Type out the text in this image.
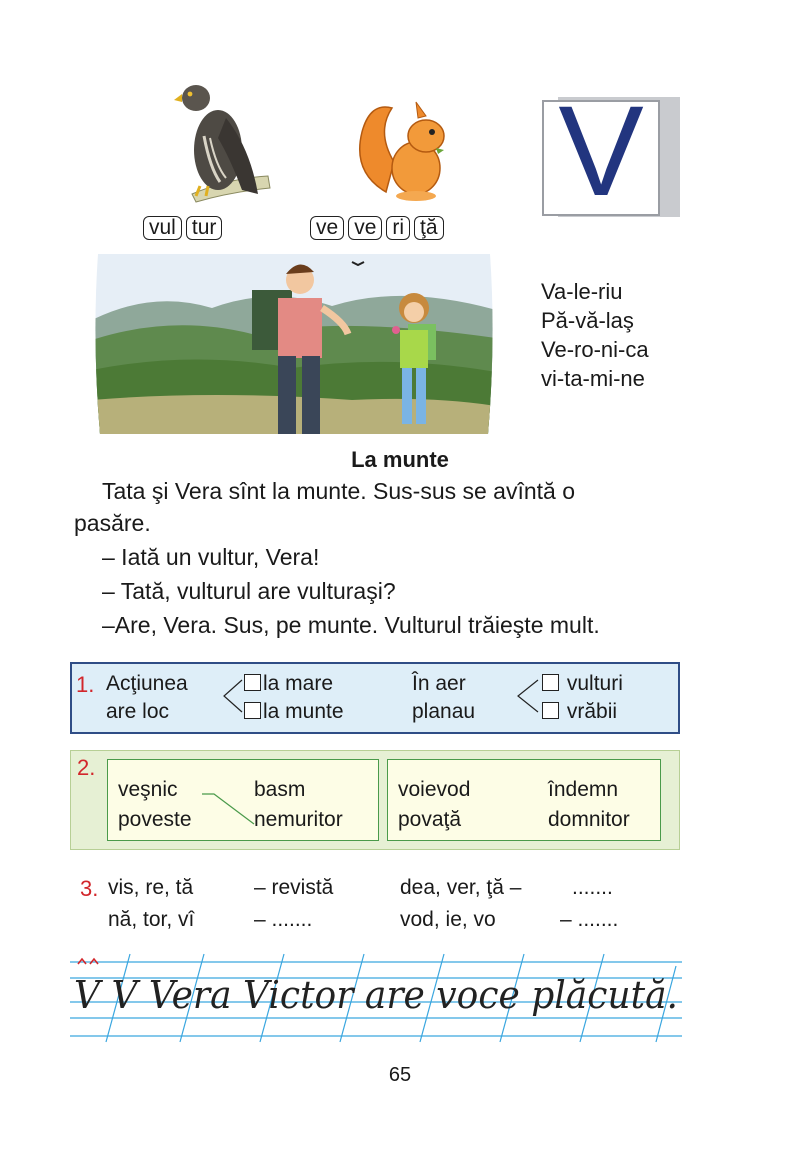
vul tur	ve ve ri ţă
V
Va-le-riu
Pă-vă-laş
Ve-ro-ni-ca
vi-ta-mi-ne
La munte
Tata şi Vera sînt la munte. Sus-sus se avîntă o
pasăre.
– Iată un vultur, Vera!
– Tată, vulturul are vulturaşi?
–Are, Vera. Sus, pe munte. Vulturul trăieşte mult.
1. Acţiunea
are loc
la mare
la munte
În aer
planau
vulturi
vrăbii
2.
veşnic	basm
poveste	nemuritor
voievod	îndemn
povaţă	domnitor
3. vis, re, tă	– revistă	dea, ver, ţă – .......
nă, tor, vî	– .......	vod, ie, vo	– .......
V V Vera Victor are voce plăcută.
65
